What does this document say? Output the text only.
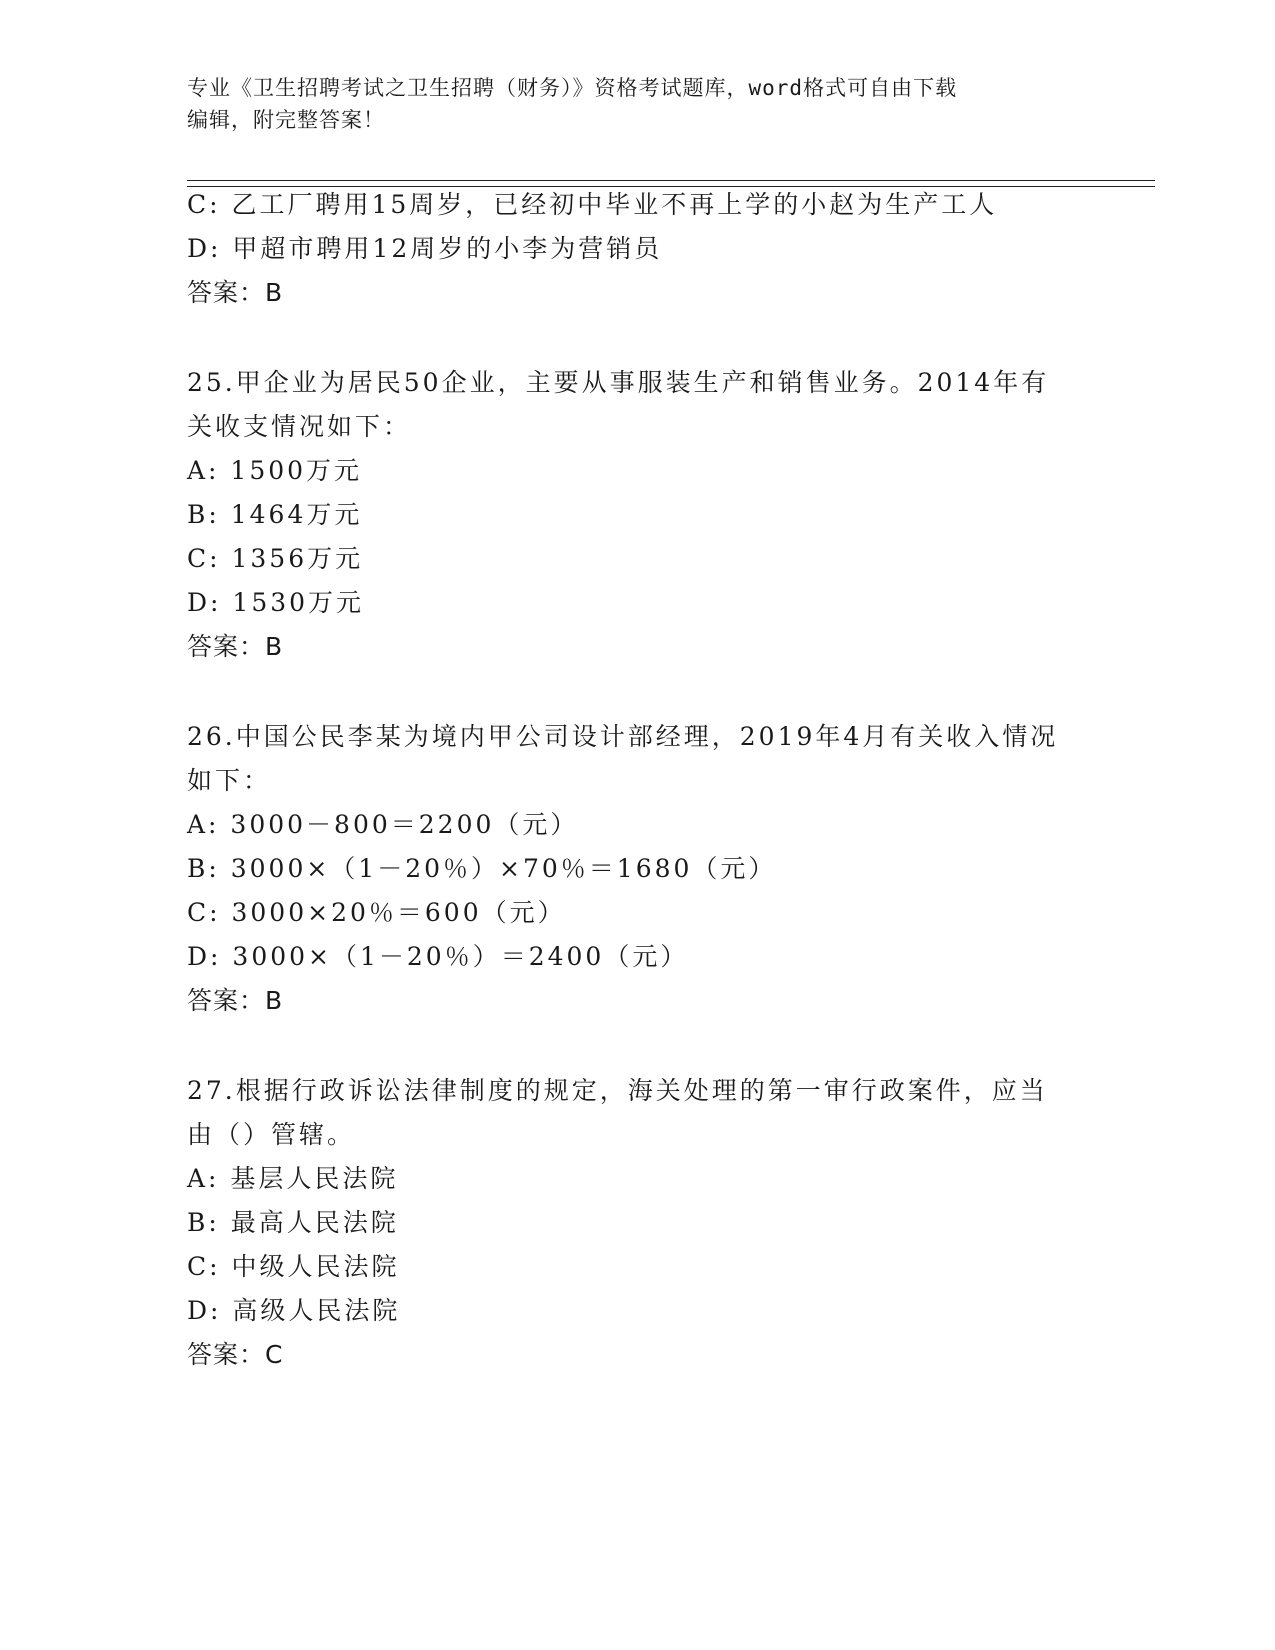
专业《卫生招聘考试之卫生招聘（财务）》资格考试题库，word格式可自由下载
编辑，附完整答案！
C: 乙工厂聘用15周岁，已经初中毕业不再上学的小赵为生产工人
D: 甲超市聘用12周岁的小李为营销员
答案：B
25.甲企业为居民50企业，主要从事服装生产和销售业务。2014年有
关收支情况如下：
A: 1500万元
B: 1464万元
C: 1356万元
D: 1530万元
答案：B
26.中国公民李某为境内甲公司设计部经理，2019年4月有关收入情况
如下：
A: 3000－800＝2200（元）
B: 3000×（1－20％）×70％＝1680（元）
C: 3000×20％＝600（元）
D: 3000×（1－20％）＝2400（元）
答案：B
27.根据行政诉讼法律制度的规定，海关处理的第一审行政案件，应当
由（）管辖。
A: 基层人民法院
B: 最高人民法院
C: 中级人民法院
D: 高级人民法院
答案：C
